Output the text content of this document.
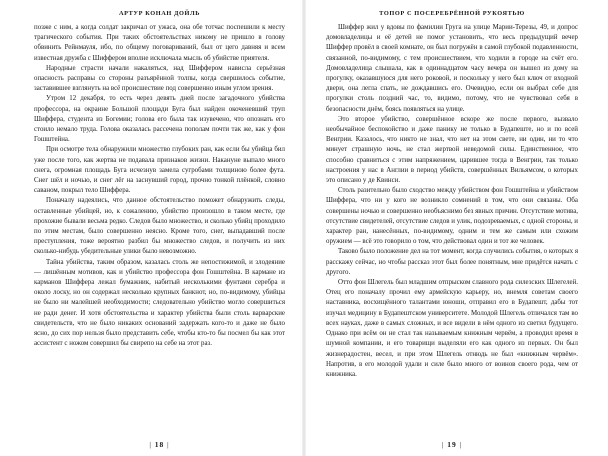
АРТУР КОНАН ДОЙЛЬ

позже с ним, а когда солдат закричал от ужаса, она обе тотчас поспешили к месту трагического события. При таких обстоятельствах никому не пришло в голову обвинить Рейнмауля, ибо, по общему поговариваний, был от цего давняя и всем известная дружба с Шиффером вполне исключала мысль об убийстве приятеля.

Народные страсти начали накаляться, над Шиффером нависла серьёзная опасность расправы со стороны разъярённой толпы, когда свершилось событие, заставившее взглянуть на всё происшествие под совершенно иным углом зрения.

Утром 12 декабря, то есть через девять дней после загадочного убийства профессора, на окраине Большой площади Буга был найден окоченевший труп Шиффера, студента из Богемии; голова его была так изувечено, что опознать его стоило немало труда. Голова оказалась рассечена пополам почти так же, как у фон Гошштейна.

При осмотре тела обнаружили множество глубоких ран, как если бы убийца бил уже после того, как жертва не подавала признаков жизни. Накануне выпало много снега, огромная площадь Буга исчезнув замела сугробами толщиною более фута. Снег шёл и ночью, и снег лёг на заснувший город, прочно тонкой плёнкой, словно саваном, покрыл тело Шиффера.

Поначалу надеялись, что данное обстоятельство поможет обнаружить следы, оставленные убийцей, но, к сожалению, убийство произошло в таком месте, где прохожие бывали весьма редко. Следов было множество, и сколько убийц проходило по этим местам, было совершенно неясно. Кроме того, снег, выпадавший после преступления, тоже вероятно разбил бы множество следов, и получить из них сколько-нибудь убедительные улики было невозможно.

Тайна убийства, таким образом, казалась столь же непостижимой, и злодеяние — лишённым мотивов, как и убийство профессора фон Гошштейна. В кармане из карманов Шиффера лежал бумажник, набитый несколькими фунтами серебра и около лоску, но он содержал несколько крупных банкнот, но, по-видимому, убийцы не было ни малейшей необходимости; следовательно убийство могло совершиться не ради денег. И хотя обстоятельства и характер убийства были столь варварские свидетельств, что не было никаких оснований задержать кого-то и даже не было ясно, до сих пор нельзя было представить себе, чтобы кто-то бы посмел бы как этот ассистент с ножом совершил бы свирепо на себе на этот раз.

| 18 |
ТОПОР С ПОСЕРЕБРЁННОЙ РУКОЯТЬЮ

Шиффер жил у вдовы по фамилии Груга на улице Марии-Терезы, 49, и допрос домовладелицы и её детей не помог установить, что весь предыдущий вечер Шиффер провёл в своей комнате, он был погружён в самой глубокой подавленности, связанной, по-видимому, с тем происшествием, что ходили в городе на счёт его. Домовладелица слышала, как в одиннадцатом часу вечера он вышел из дому на прогулку, оказавшуюся для него роковой, и поскольку у него был ключ от входной двери, она легла спать, не дождавшись его. Очевидно, если он выбрал себе для прогулки столь поздний час, то, видимо, потому, что не чувствовал себя в безопасности днём, боясь появляться на улице.

Это второе убийство, совершённое вскоре же после первого, вызвало необычайное беспокойство и даже панику не только в Будапеште, но и по всей Венгрии. Казалось, что никто не знал, что нет на этом свете, ни один, ни то что минует страшную ночь, не стал жертвой неведомой силы. Единственное, что способно сравниться с этим напряжением, царившее тогда в Венгрии, так только настроения у нас в Англии в период убийств, совершённых Вильямсом, о которых это описано у де Квинси.

Столь разительно было сходство между убийством фон Гошштейна и убийством Шиффера, что ни у кого не возникло сомнений в том, что они связаны. Оба совершены ночью и совершенно необъяснимо без явных причин. Отсутствие мотива, отсутствие свидетелей, отсутствие следов и улик, подозреваемых, с одной стороны, и характер ран, нанесённых, по-видимому, одним и тем же самым или схожим оружием — всё это говорило о том, что действовал один и тот же человек.

Таково было положение дел на тот момент, когда случились события, о которых я расскажу сейчас, но чтобы рассказ этот был более понятным, мне придётся начать с другого.

Отто фон Шлегель был младшим отпрыском славного рода силезских Шлегелей. Отец его поначалу прочил ему армейскую карьеру, но, внемля советам своего наставника, восхищённого талантами юноши, отправил его в Будапешт, дабы тот изучал медицину в Будапештском университете. Молодой Шлегель отличался там во всех науках, даже в самых сложных, и все видели в нём одного из светил будущего. Однако при всём он не стал так называемым книжным червём, а проводил время в шумной компании, и его товарищи выделяли его как одного из первых. Он был жизнерадостен, весел, и при этом Шлегель отнюдь не был «книжным червём». Напротив, в его молодой удали и силе было много от воинов своего рода, чем от книжника.

| 19 |
